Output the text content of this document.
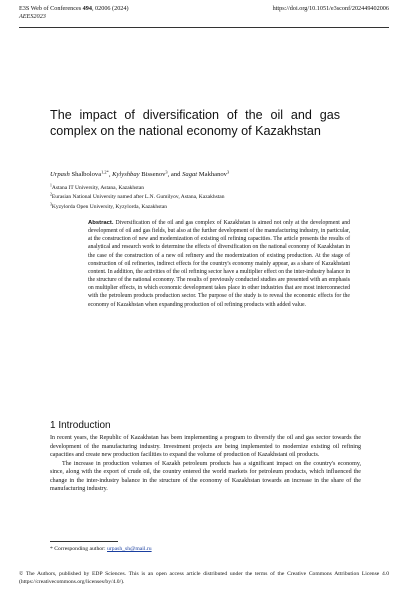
E3S Web of Conferences 494, 02006 (2024)
AEES2023
https://doi.org/10.1051/e3sconf/202449402006
The impact of diversification of the oil and gas complex on the national economy of Kazakhstan

Urpash Shalbolova$^{1,2*}$, Kylyshbay Bissenov$^3$, and Sagat Makhanov$^3$

$^1$Astana IT University, Astana, Kazakhstan
$^2$Eurasian National University named after L.N. Gumilyov, Astana, Kazakhstan
$^3$Kyzylorda Open University, Kyzylorda, Kazakhstan

Abstract. Diversification of the oil and gas complex of Kazakhstan is aimed not only at the development and development of oil and gas fields, but also at the further development of the manufacturing industry, in particular, at the construction of new and modernization of existing oil refining capacities. The article presents the results of analytical and research work to determine the effects of diversification on the national economy of Kazakhstan in the case of the construction of a new oil refinery and the modernization of existing production. At the stage of construction of oil refineries, indirect effects for the country's economy mainly appear, as a share of Kazakhstani content. In addition, the activities of the oil refining sector have a multiplier effect on the inter-industry balance in the structure of the national economy. The results of previously conducted studies are presented with an emphasis on multiplier effects, in which economic development takes place in other industries that are most interconnected with the petroleum products production sector. The purpose of the study is to reveal the economic effects for the economy of Kazakhstan when expanding production of oil refining products with added value.

1 Introduction

In recent years, the Republic of Kazakhstan has been implementing a program to diversify the oil and gas sector towards the development of the manufacturing industry. Investment projects are being implemented to modernize existing oil refining capacities and create new production facilities to expand the volume of production of Kazakhstani oil products.

The increase in production volumes of Kazakh petroleum products has a significant impact on the country's economy, since, along with the export of crude oil, the country entered the world markets for petroleum products, which influenced the change in the inter-industry balance in the structure of the economy of Kazakhstan towards an increase in the share of the manufacturing industry.

* Corresponding author: urpash_sh@mail.ru

© The Authors, published by EDP Sciences. This is an open access article distributed under the terms of the Creative Commons Attribution License 4.0 (https://creativecommons.org/licenses/by/4.0/).
